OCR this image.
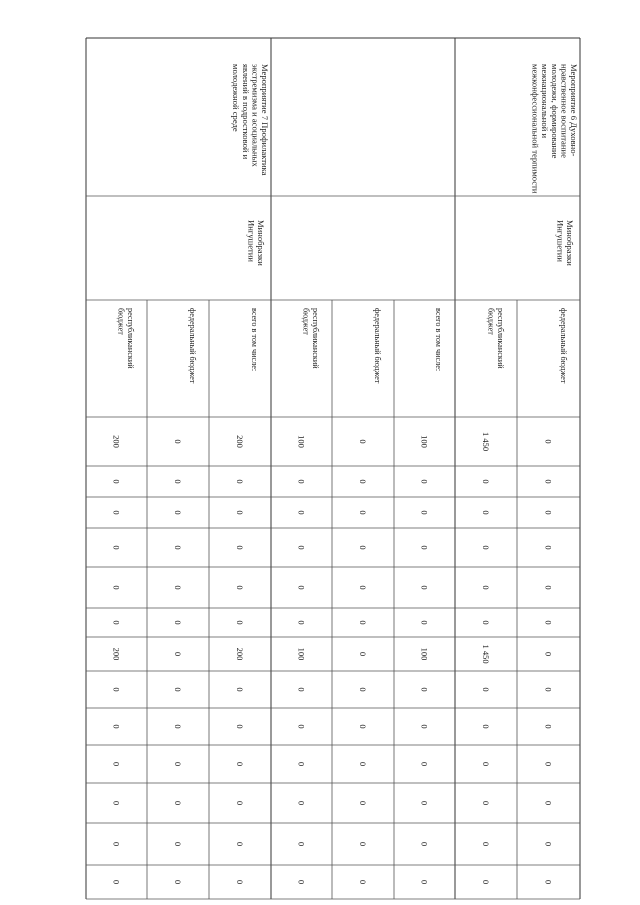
Мероприятие 6 Духовно-
нравственное воспитание
молодежи, формирование
межнациональной и
межконфессиональной терпимости
Минобразки
Ингушетии
федеральный бюджет
0
0
0
0
0
0
0
0
0
0
0
0
0
республиканский
бюджет
1 450
0
0
0
0
0
1 450
0
0
0
0
0
0
всего в том числе:
100
0
0
0
0
0
100
0
0
0
0
0
0
федеральный бюджет
0
0
0
0
0
0
0
0
0
0
0
0
0
республиканский
бюджет
100
0
0
0
0
0
100
0
0
0
0
0
0
Мероприятие 7 Профилактика
экстремизма и асоциальных
явлений в подростковой и
молодежной среде
Минобразки
Ингушетии
всего в том числе:
200
0
0
0
0
0
200
0
0
0
0
0
0
федеральный бюджет
0
0
0
0
0
0
0
0
0
0
0
0
0
республиканский
бюджет
200
0
0
0
0
0
200
0
0
0
0
0
0
